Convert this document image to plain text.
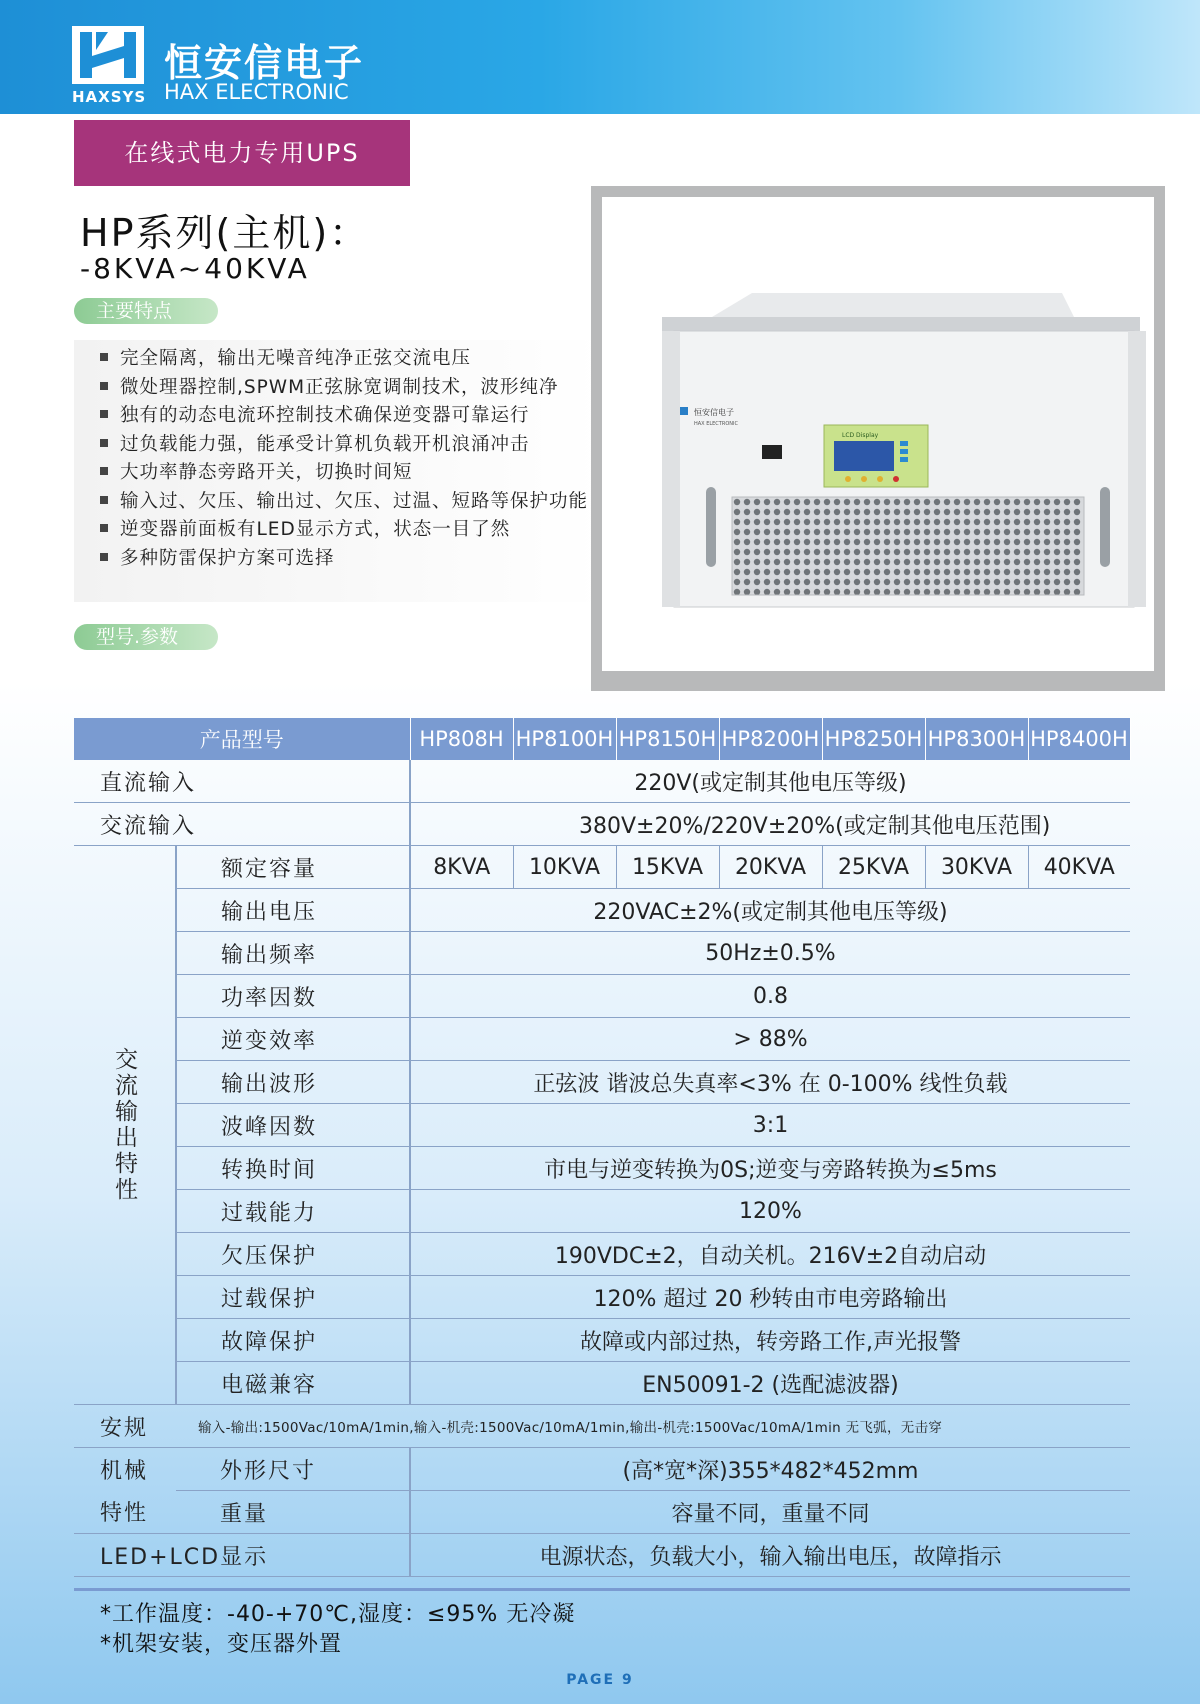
HAXSYS
恒安信电子
HAX ELECTRONIC
在线式电力专用UPS
HP系列(主机)：
-8KVA~40KVA
主要特点
完全隔离，输出无噪音纯净正弦交流电压
微处理器控制,SPWM正弦脉宽调制技术，波形纯净
独有的动态电流环控制技术确保逆变器可靠运行
过负载能力强，能承受计算机负载开机浪涌冲击
大功率静态旁路开关，切换时间短
输入过、欠压、输出过、欠压、过温、短路等保护功能
逆变器前面板有LED显示方式，状态一目了然
多种防雷保护方案可选择
型号.参数
恒安信电子
HAX ELECTRONIC
LCD Display
产品型号		HP808H	HP8100H	HP8150H	HP8200H	HP8250H	HP8300H	HP8400H
直流输入		220V(或定制其他电压等级)						
交流输入		380V±20%/220V±20%(或定制其他电压范围)						

交流输出特性	额定容量	8KVA	10KVA	15KVA	20KVA	25KVA	30KVA	40KVA
	输出电压	220VAC±2%(或定制其他电压等级)						
	输出频率	50Hz±0.5%						
	功率因数	0.8						
	逆变效率	> 88%						
	输出波形	正弦波 谐波总失真率<3% 在 0-100% 线性负载						
	波峰因数	3:1						
	转换时间	市电与逆变转换为0S;逆变与旁路转换为≤5ms						
	过载能力	120%						
	欠压保护	190VDC±2，自动关机。216V±2自动启动						
	过载保护	120% 超过 20 秒转由市电旁路输出						
	故障保护	故障或内部过热，转旁路工作,声光报警						
	电磁兼容	EN50091-2 (选配滤波器)						
安规	输入-输出:1500Vac/10mA/1min,输入-机壳:1500Vac/10mA/1min,输出-机壳:1500Vac/10mA/1min 无飞弧，无击穿							
机械	外形尺寸	(高*宽*深)355*482*452mm						
特性	重量	容量不同，重量不同						
LED+LCD显示		电源状态，负载大小，输入输出电压，故障指示						
*工作温度：-40-+70℃,湿度：≤95% 无冷凝
*机架安装，变压器外置
PAGE 9
